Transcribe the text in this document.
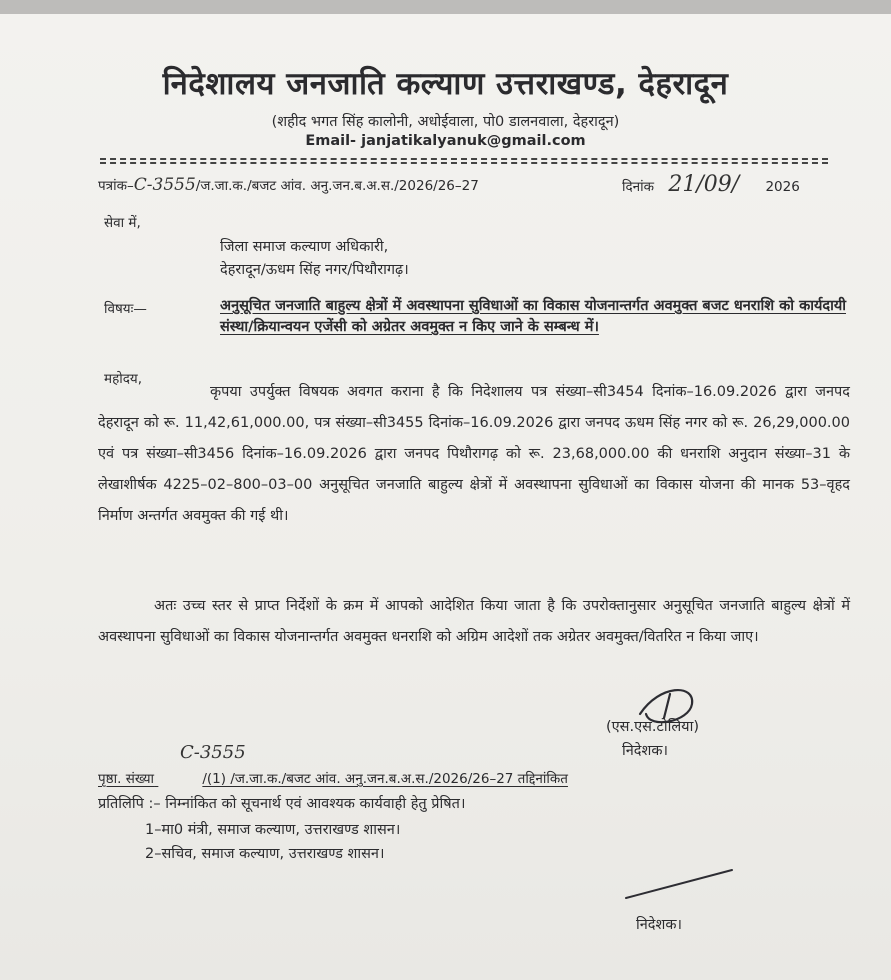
निदेशालय जनजाति कल्याण उत्तराखण्ड, देहरादून
(शहीद भगत सिंह कालोनी, अधोईवाला, पो0 डालनवाला, देहरादून)
Email- janjatikalyanuk@gmail.com
पत्रांक–C-3555/ज.जा.क./बजट आंव. अनु.जन.ब.अ.स./2026/26–27	दिनांक 21/09/ 2026
सेवा में,
जिला समाज कल्याण अधिकारी,
देहरादून/ऊधम सिंह नगर/पिथौरागढ़।
विषयः—	अनुसूचित जनजाति बाहुल्य क्षेत्रों में अवस्थापना सुविधाओं का विकास योजनान्तर्गत अवमुक्त बजट धनराशि को कार्यदायी संस्था/क्रियान्वयन एजेंसी को अग्रेतर अवमुक्त न किए जाने के सम्बन्ध में।
महोदय,
कृपया उपर्युक्त विषयक अवगत कराना है कि निदेशालय पत्र संख्या–सी3454 दिनांक–16.09.2026 द्वारा जनपद देहरादून को रू. 11,42,61,000.00, पत्र संख्या–सी3455 दिनांक–16.09.2026 द्वारा जनपद ऊधम सिंह नगर को रू. 26,29,000.00 एवं पत्र संख्या–सी3456 दिनांक–16.09.2026 द्वारा जनपद पिथौरागढ़ को रू. 23,68,000.00 की धनराशि अनुदान संख्या–31 के लेखाशीर्षक 4225–02–800–03–00 अनुसूचित जनजाति बाहुल्य क्षेत्रों में अवस्थापना सुविधाओं का विकास योजना की मानक 53–वृहद निर्माण अन्तर्गत अवमुक्त की गई थी।
अतः उच्च स्तर से प्राप्त निर्देशों के क्रम में आपको आदेशित किया जाता है कि उपरोक्तानुसार अनुसूचित जनजाति बाहुल्य क्षेत्रों में अवस्थापना सुविधाओं का विकास योजनान्तर्गत अवमुक्त धनराशि को अग्रिम आदेशों तक अग्रेतर अवमुक्त/वितरित न किया जाए।
(एस.एस.टोलिया)
निदेशक।
C-3555
पृष्ठा. संख्या	/(1) /ज.जा.क./बजट आंव. अनु.जन.ब.अ.स./2026/26–27 तद्दिनांकित
प्रतिलिपि :– निम्नांकित को सूचनार्थ एवं आवश्यक कार्यवाही हेतु प्रेषित।
1–मा0 मंत्री, समाज कल्याण, उत्तराखण्ड शासन।
2–सचिव, समाज कल्याण, उत्तराखण्ड शासन।
निदेशक।
